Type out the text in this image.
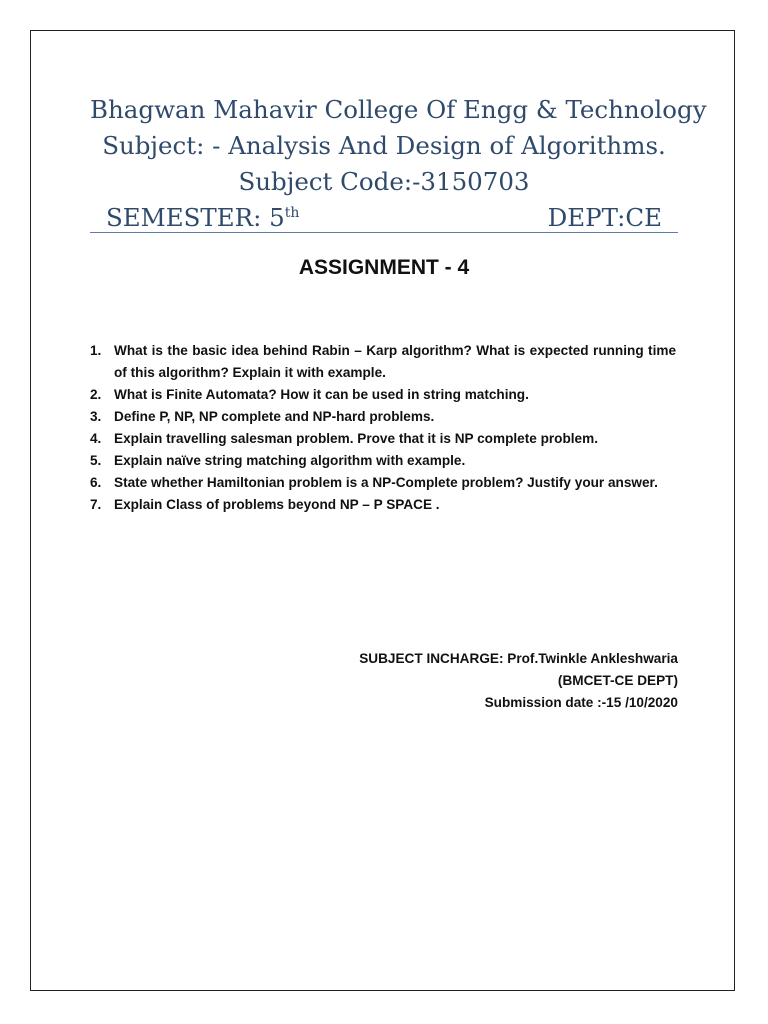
Bhagwan Mahavir College Of Engg & Technology
Subject: - Analysis And Design of Algorithms.
Subject Code:-3150703
SEMESTER: 5th	DEPT:CE
ASSIGNMENT - 4
1. What is the basic idea behind Rabin – Karp algorithm? What is expected running time of this algorithm? Explain it with example.
2. What is Finite Automata? How it can be used in string matching.
3. Define P, NP, NP complete and NP-hard problems.
4. Explain travelling salesman problem. Prove that it is NP complete problem.
5. Explain naïve string matching algorithm with example.
6. State whether Hamiltonian problem is a NP-Complete problem? Justify your answer.
7. Explain Class of problems beyond NP – P SPACE .
SUBJECT INCHARGE: Prof.Twinkle Ankleshwaria
(BMCET-CE DEPT)
Submission date :-15 /10/2020
